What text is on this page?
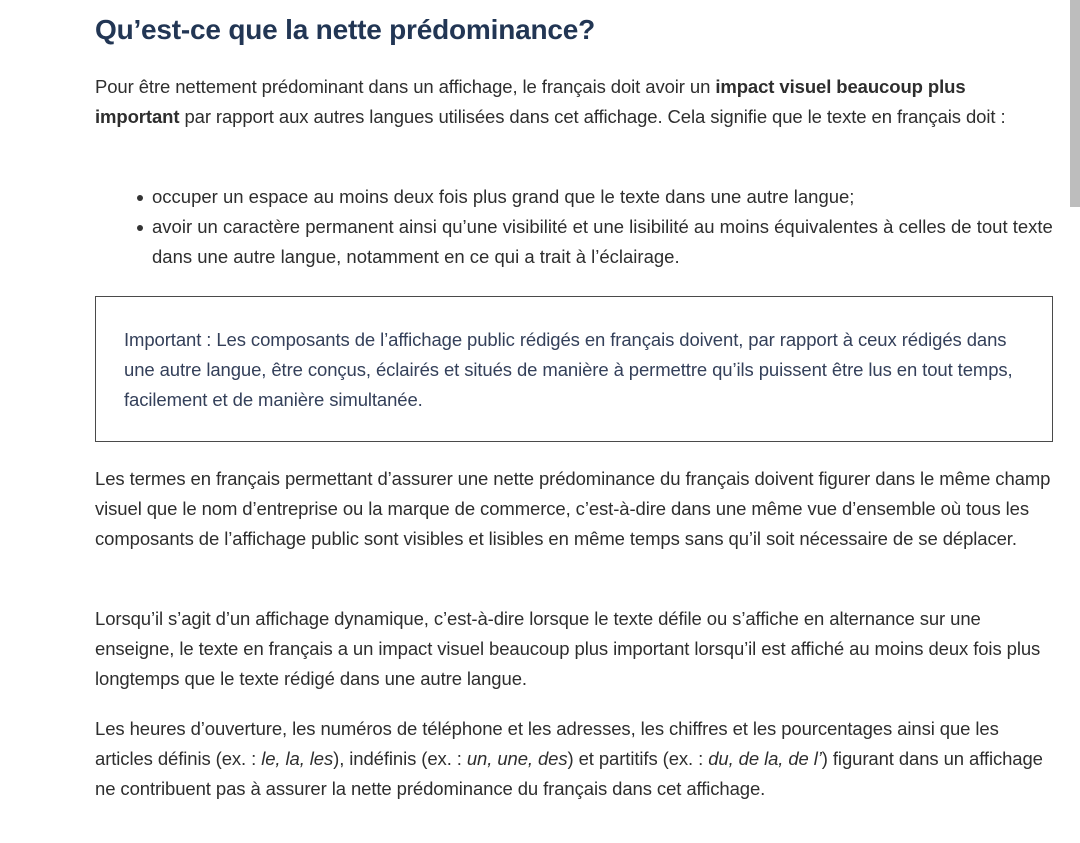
Qu’est-ce que la nette prédominance?

Pour être nettement prédominant dans un affichage, le français doit avoir un impact visuel beaucoup plus important par rapport aux autres langues utilisées dans cet affichage. Cela signifie que le texte en français doit :

occuper un espace au moins deux fois plus grand que le texte dans une autre langue;
avoir un caractère permanent ainsi qu’une visibilité et une lisibilité au moins équivalentes à celles de tout texte dans une autre langue, notamment en ce qui a trait à l’éclairage.

Important : Les composants de l’affichage public rédigés en français doivent, par rapport à ceux rédigés dans une autre langue, être conçus, éclairés et situés de manière à permettre qu’ils puissent être lus en tout temps, facilement et de manière simultanée.

Les termes en français permettant d’assurer une nette prédominance du français doivent figurer dans le même champ visuel que le nom d’entreprise ou la marque de commerce, c’est-à-dire dans une même vue d’ensemble où tous les composants de l’affichage public sont visibles et lisibles en même temps sans qu’il soit nécessaire de se déplacer.

Lorsqu’il s’agit d’un affichage dynamique, c’est-à-dire lorsque le texte défile ou s’affiche en alternance sur une enseigne, le texte en français a un impact visuel beaucoup plus important lorsqu’il est affiché au moins deux fois plus longtemps que le texte rédigé dans une autre langue.

Les heures d’ouverture, les numéros de téléphone et les adresses, les chiffres et les pourcentages ainsi que les articles définis (ex. : le, la, les), indéfinis (ex. : un, une, des) et partitifs (ex. : du, de la, de l’) figurant dans un affichage ne contribuent pas à assurer la nette prédominance du français dans cet affichage.
